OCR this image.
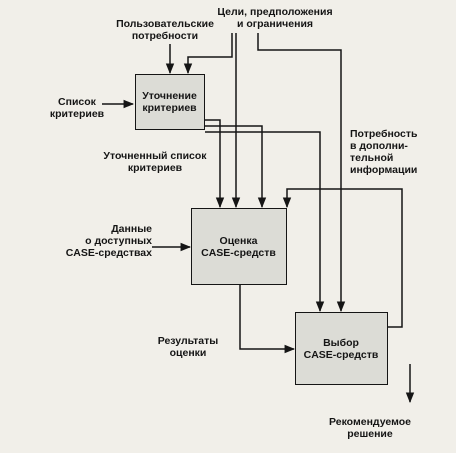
Уточнение
критериев
Оценка
CASE-средств
Выбор
CASE-средств
Пользовательские
потребности
Цели, предположения
и ограничения
Список
критериев
Уточненный список
критериев
Потребность
в дополни-
тельной
информации
Данные
о доступных
CASE-средствах
Результаты
оценки
Рекомендуемое
решение
